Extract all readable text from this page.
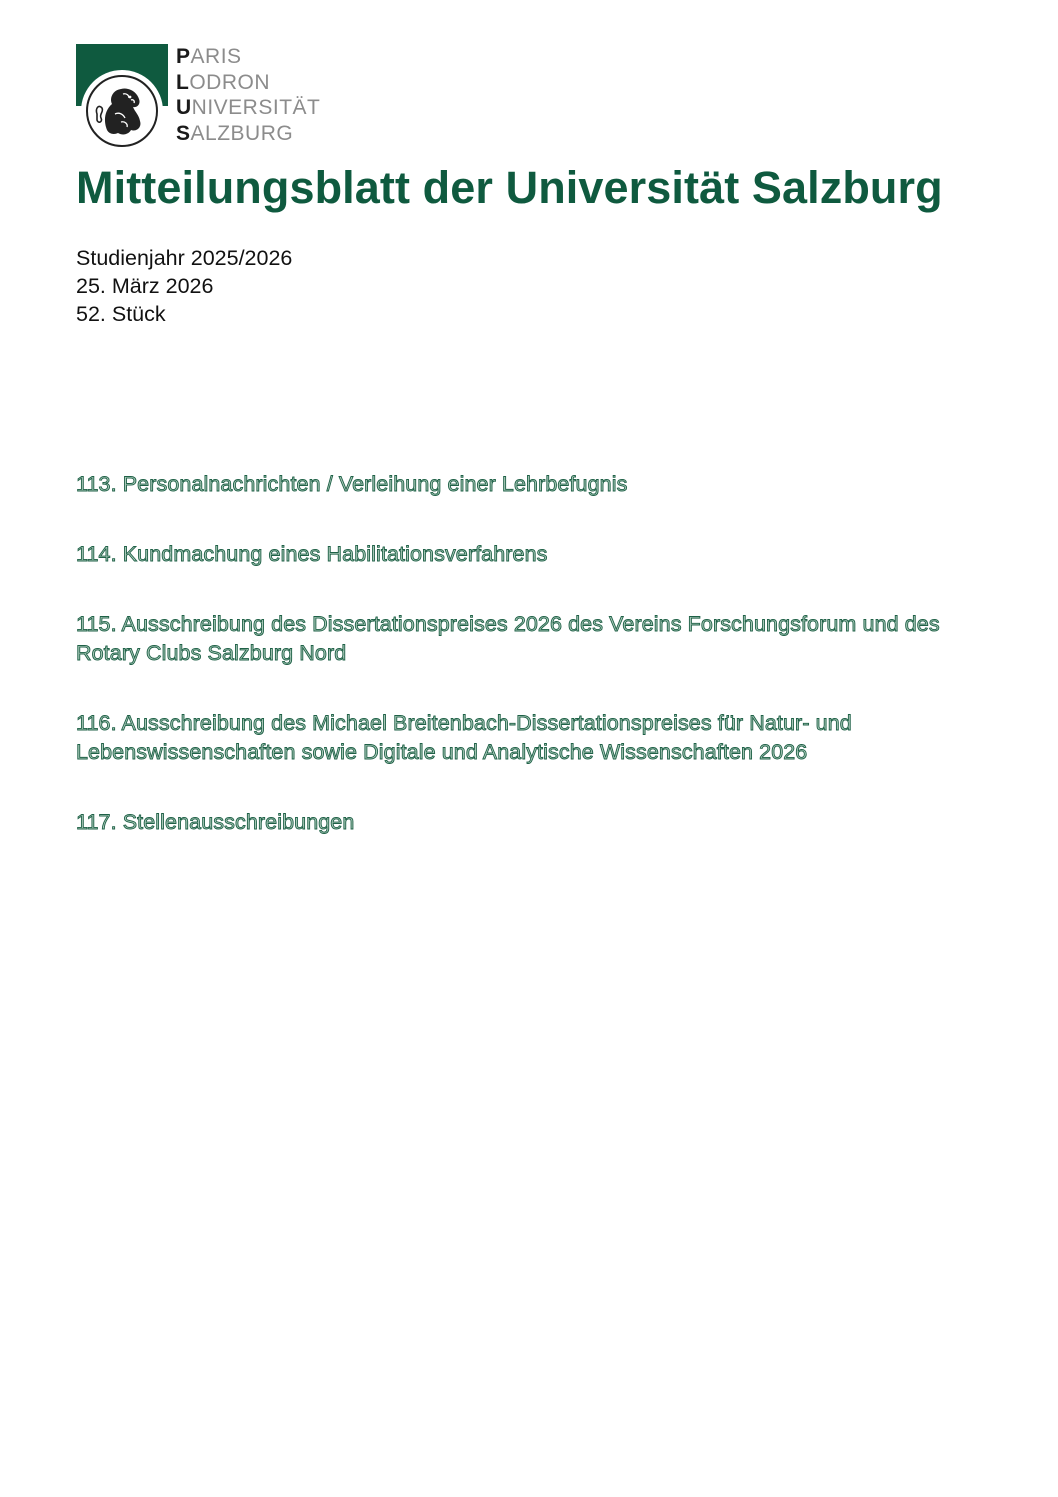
PARIS
LODRON
UNIVERSITÄT
SALZBURG
Mitteilungsblatt der Universität Salzburg
Studienjahr 2025/2026
25. März 2026
52. Stück
113. Personalnachrichten / Verleihung einer Lehrbefugnis
114. Kundmachung eines Habilitationsverfahrens
115. Ausschreibung des Dissertationspreises 2026 des Vereins Forschungsforum und des Rotary Clubs Salzburg Nord
116. Ausschreibung des Michael Breitenbach-Dissertationspreises für Natur- und Lebenswissenschaften sowie Digitale und Analytische Wissenschaften 2026
117. Stellenausschreibungen
